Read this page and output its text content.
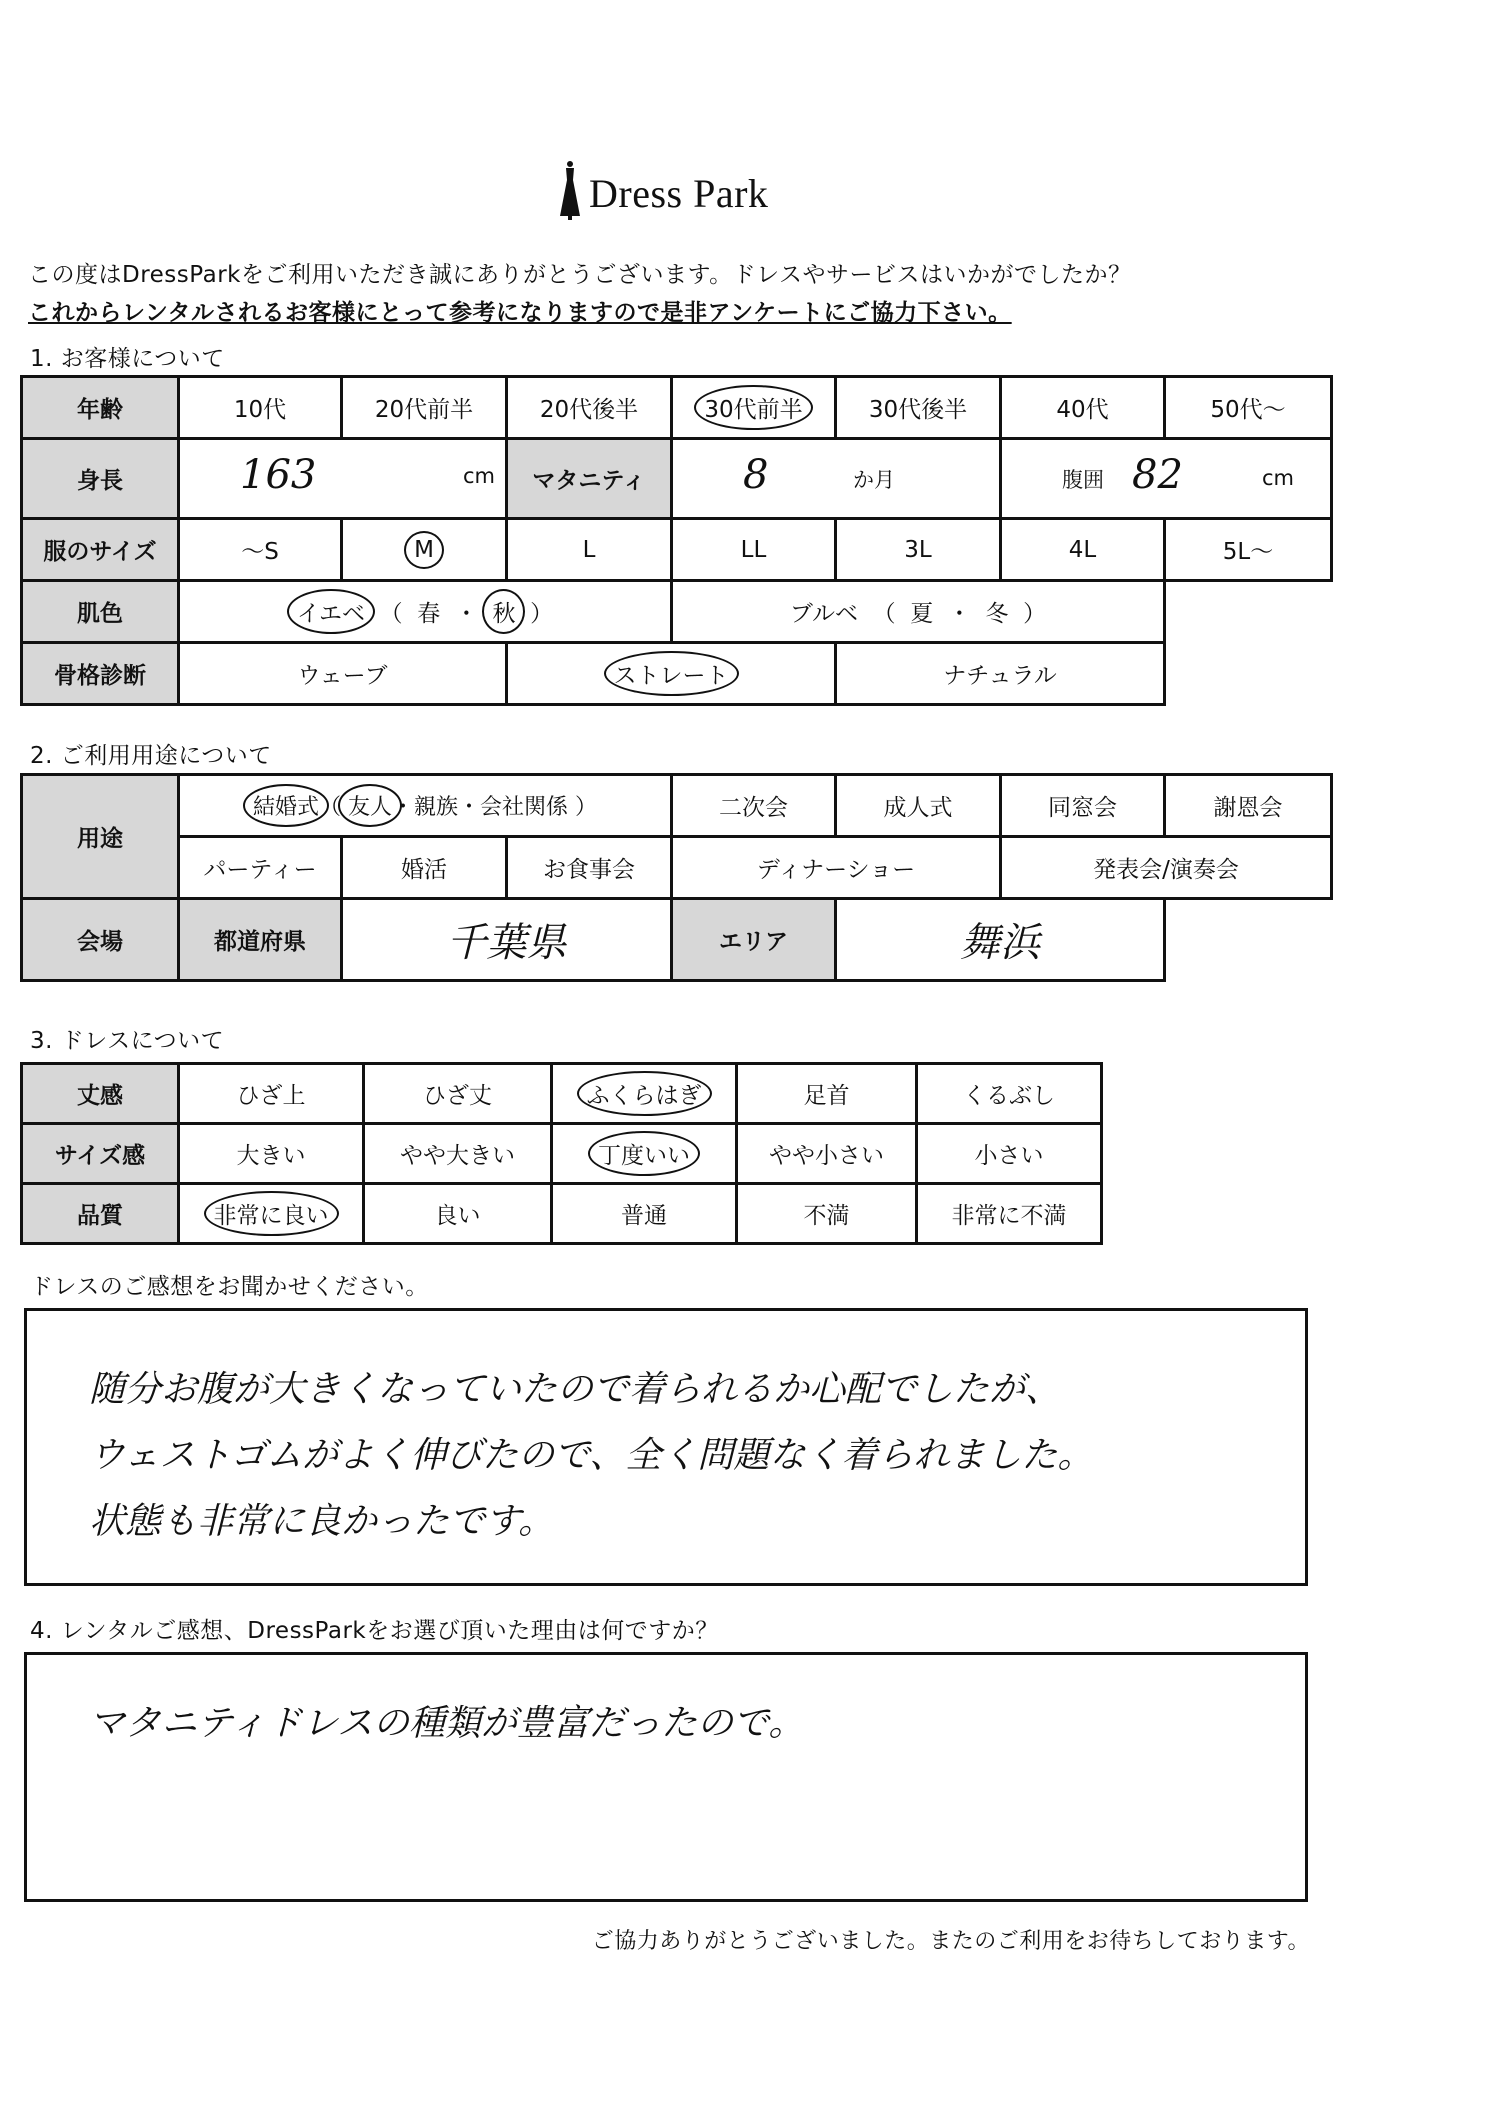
Dress Park
この度はDressParkをご利用いただき誠にありがとうございます。ドレスやサービスはいかがでしたか？
これからレンタルされるお客様にとって参考になりますので是非アンケートにご協力下さい。
1. お客様について
年齢	10代	20代前半	20代後半	30代前半	30代後半	40代	50代～
身長	163 cm		マタニティ	8 か月		腹囲 82 cm	

服のサイズ	～S	M	L	LL	3L	4L	5L～
肌色	イエベ （ 春 ・ 秋 ）			ブルベ （ 夏 ・ 冬 ）			
骨格診断	ウェーブ		ストレート		ナチュラル		
2. ご利用用途について
用途	結婚式（ 友人・親族・会社関係 ）			二次会	成人式	同窓会	謝恩会
	パーティー	婚活	お食事会	ディナーショー		発表会/演奏会	
会場	都道府県	千葉県		エリア	舞浜		
3. ドレスについて
丈感	ひざ上	ひざ丈	ふくらはぎ	足首	くるぶし
サイズ感	大きい	やや大きい	丁度いい	やや小さい	小さい
品質	非常に良い	良い	普通	不満	非常に不満
ドレスのご感想をお聞かせください。

随分お腹が大きくなっていたので着られるか心配でしたが、

ウェストゴムがよく伸びたので、全く問題なく着られました。

状態も非常に良かったです。

4. レンタルご感想、DressParkをお選び頂いた理由は何ですか？

マタニティドレスの種類が豊富だったので。

ご協力ありがとうございました。またのご利用をお待ちしております。
